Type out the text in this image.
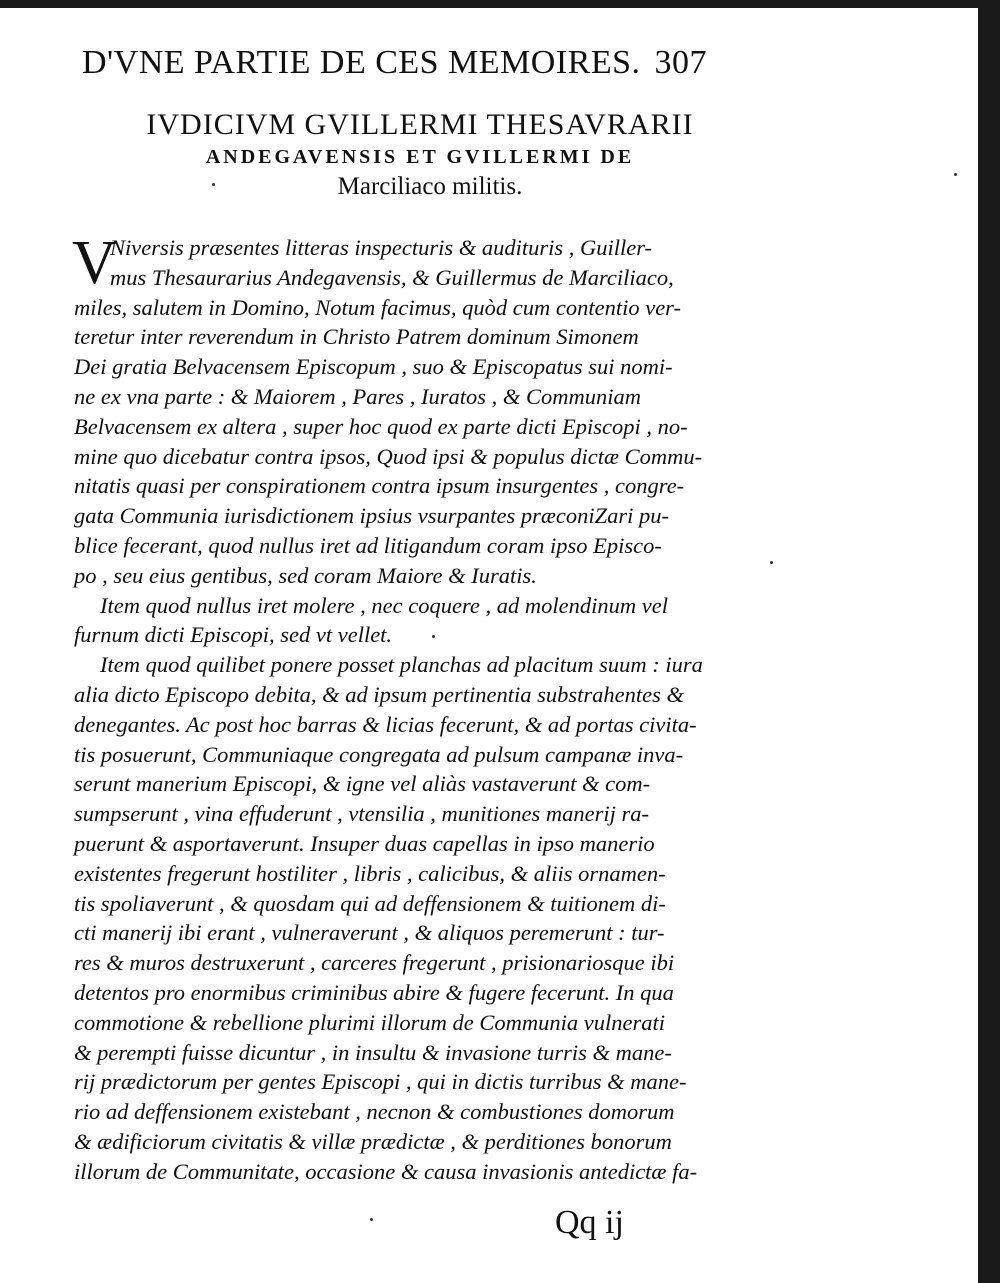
D'VNE PARTIE DE CES MEMOIRES. 307
IVDICIVM GVILLERMI THESAVRARII
ANDEGAVENSIS ET GVILLERMI DE
Marciliaco militis.
V
Niversis præsentes litteras inspecturis & audituris , Guiller-
mus Thesaurarius Andegavensis, & Guillermus de Marciliaco,
miles, salutem in Domino, Notum facimus, quòd cum contentio ver-
teretur inter reverendum in Christo Patrem dominum Simonem
Dei gratia Belvacensem Episcopum , suo & Episcopatus sui nomi-
ne ex vna parte : & Maiorem , Pares , Iuratos , & Communiam
Belvacensem ex altera , super hoc quod ex parte dicti Episcopi , no-
mine quo dicebatur contra ipsos, Quod ipsi & populus dictæ Commu-
nitatis quasi per conspirationem contra ipsum insurgentes , congre-
gata Communia iurisdictionem ipsius vsurpantes præconiZari pu-
blice fecerant, quod nullus iret ad litigandum coram ipso Episco-
po , seu eius gentibus, sed coram Maiore & Iuratis.
Item quod nullus iret molere , nec coquere , ad molendinum vel
furnum dicti Episcopi, sed vt vellet.
Item quod quilibet ponere posset planchas ad placitum suum : iura
alia dicto Episcopo debita, & ad ipsum pertinentia substrahentes &
denegantes. Ac post hoc barras & licias fecerunt, & ad portas civita-
tis posuerunt, Communiaque congregata ad pulsum campanæ inva-
serunt manerium Episcopi, & igne vel aliàs vastaverunt & com-
sumpserunt , vina effuderunt , vtensilia , munitiones manerij ra-
puerunt & asportaverunt. Insuper duas capellas in ipso manerio
existentes fregerunt hostiliter , libris , calicibus, & aliis ornamen-
tis spoliaverunt , & quosdam qui ad deffensionem & tuitionem di-
cti manerij ibi erant , vulneraverunt , & aliquos peremerunt : tur-
res & muros destruxerunt , carceres fregerunt , prisionariosque ibi
detentos pro enormibus criminibus abire & fugere fecerunt. In qua
commotione & rebellione plurimi illorum de Communia vulnerati
& perempti fuisse dicuntur , in insultu & invasione turris & mane-
rij prædictorum per gentes Episcopi , qui in dictis turribus & mane-
rio ad deffensionem existebant , necnon & combustiones domorum
& ædificiorum civitatis & villæ prædictæ , & perditiones bonorum
illorum de Communitate, occasione & causa invasionis antedictæ fa-
Qq ij
